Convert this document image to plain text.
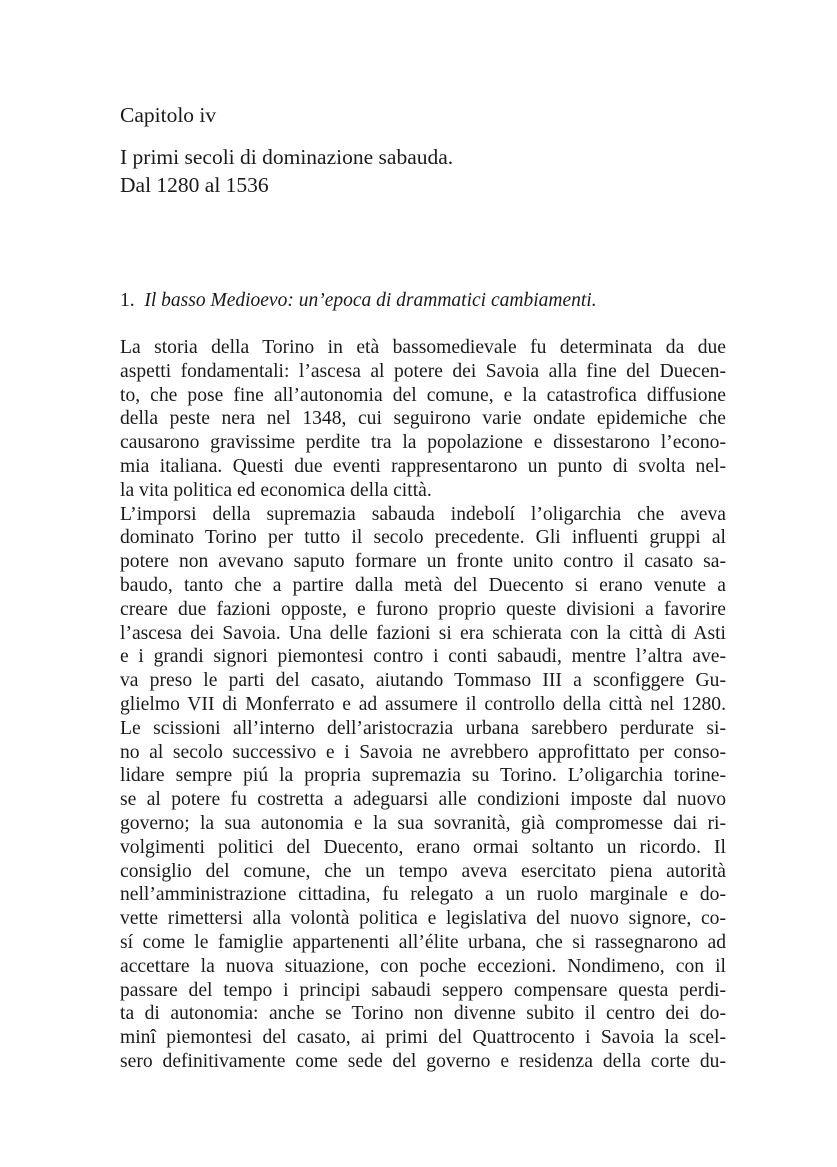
Capitolo iv
I primi secoli di dominazione sabauda.
Dal 1280 al 1536
1. Il basso Medioevo: un’epoca di drammatici cambiamenti.
La storia della Torino in età bassomedievale fu determinata da due
aspetti fondamentali: l’ascesa al potere dei Savoia alla fine del Duecen-
to, che pose fine all’autonomia del comune, e la catastrofica diffusione
della peste nera nel 1348, cui seguirono varie ondate epidemiche che
causarono gravissime perdite tra la popolazione e dissestarono l’econo-
mia italiana. Questi due eventi rappresentarono un punto di svolta nel-
la vita politica ed economica della città.
L’imporsi della supremazia sabauda indebolí l’oligarchia che aveva
dominato Torino per tutto il secolo precedente. Gli influenti gruppi al
potere non avevano saputo formare un fronte unito contro il casato sa-
baudo, tanto che a partire dalla metà del Duecento si erano venute a
creare due fazioni opposte, e furono proprio queste divisioni a favorire
l’ascesa dei Savoia. Una delle fazioni si era schierata con la città di Asti
e i grandi signori piemontesi contro i conti sabaudi, mentre l’altra ave-
va preso le parti del casato, aiutando Tommaso III a sconfiggere Gu-
glielmo VII di Monferrato e ad assumere il controllo della città nel 1280.
Le scissioni all’interno dell’aristocrazia urbana sarebbero perdurate si-
no al secolo successivo e i Savoia ne avrebbero approfittato per conso-
lidare sempre piú la propria supremazia su Torino. L’oligarchia torine-
se al potere fu costretta a adeguarsi alle condizioni imposte dal nuovo
governo; la sua autonomia e la sua sovranità, già compromesse dai ri-
volgimenti politici del Duecento, erano ormai soltanto un ricordo. Il
consiglio del comune, che un tempo aveva esercitato piena autorità
nell’amministrazione cittadina, fu relegato a un ruolo marginale e do-
vette rimettersi alla volontà politica e legislativa del nuovo signore, co-
sí come le famiglie appartenenti all’élite urbana, che si rassegnarono ad
accettare la nuova situazione, con poche eccezioni. Nondimeno, con il
passare del tempo i principi sabaudi seppero compensare questa perdi-
ta di autonomia: anche se Torino non divenne subito il centro dei do-
minî piemontesi del casato, ai primi del Quattrocento i Savoia la scel-
sero definitivamente come sede del governo e residenza della corte du-
